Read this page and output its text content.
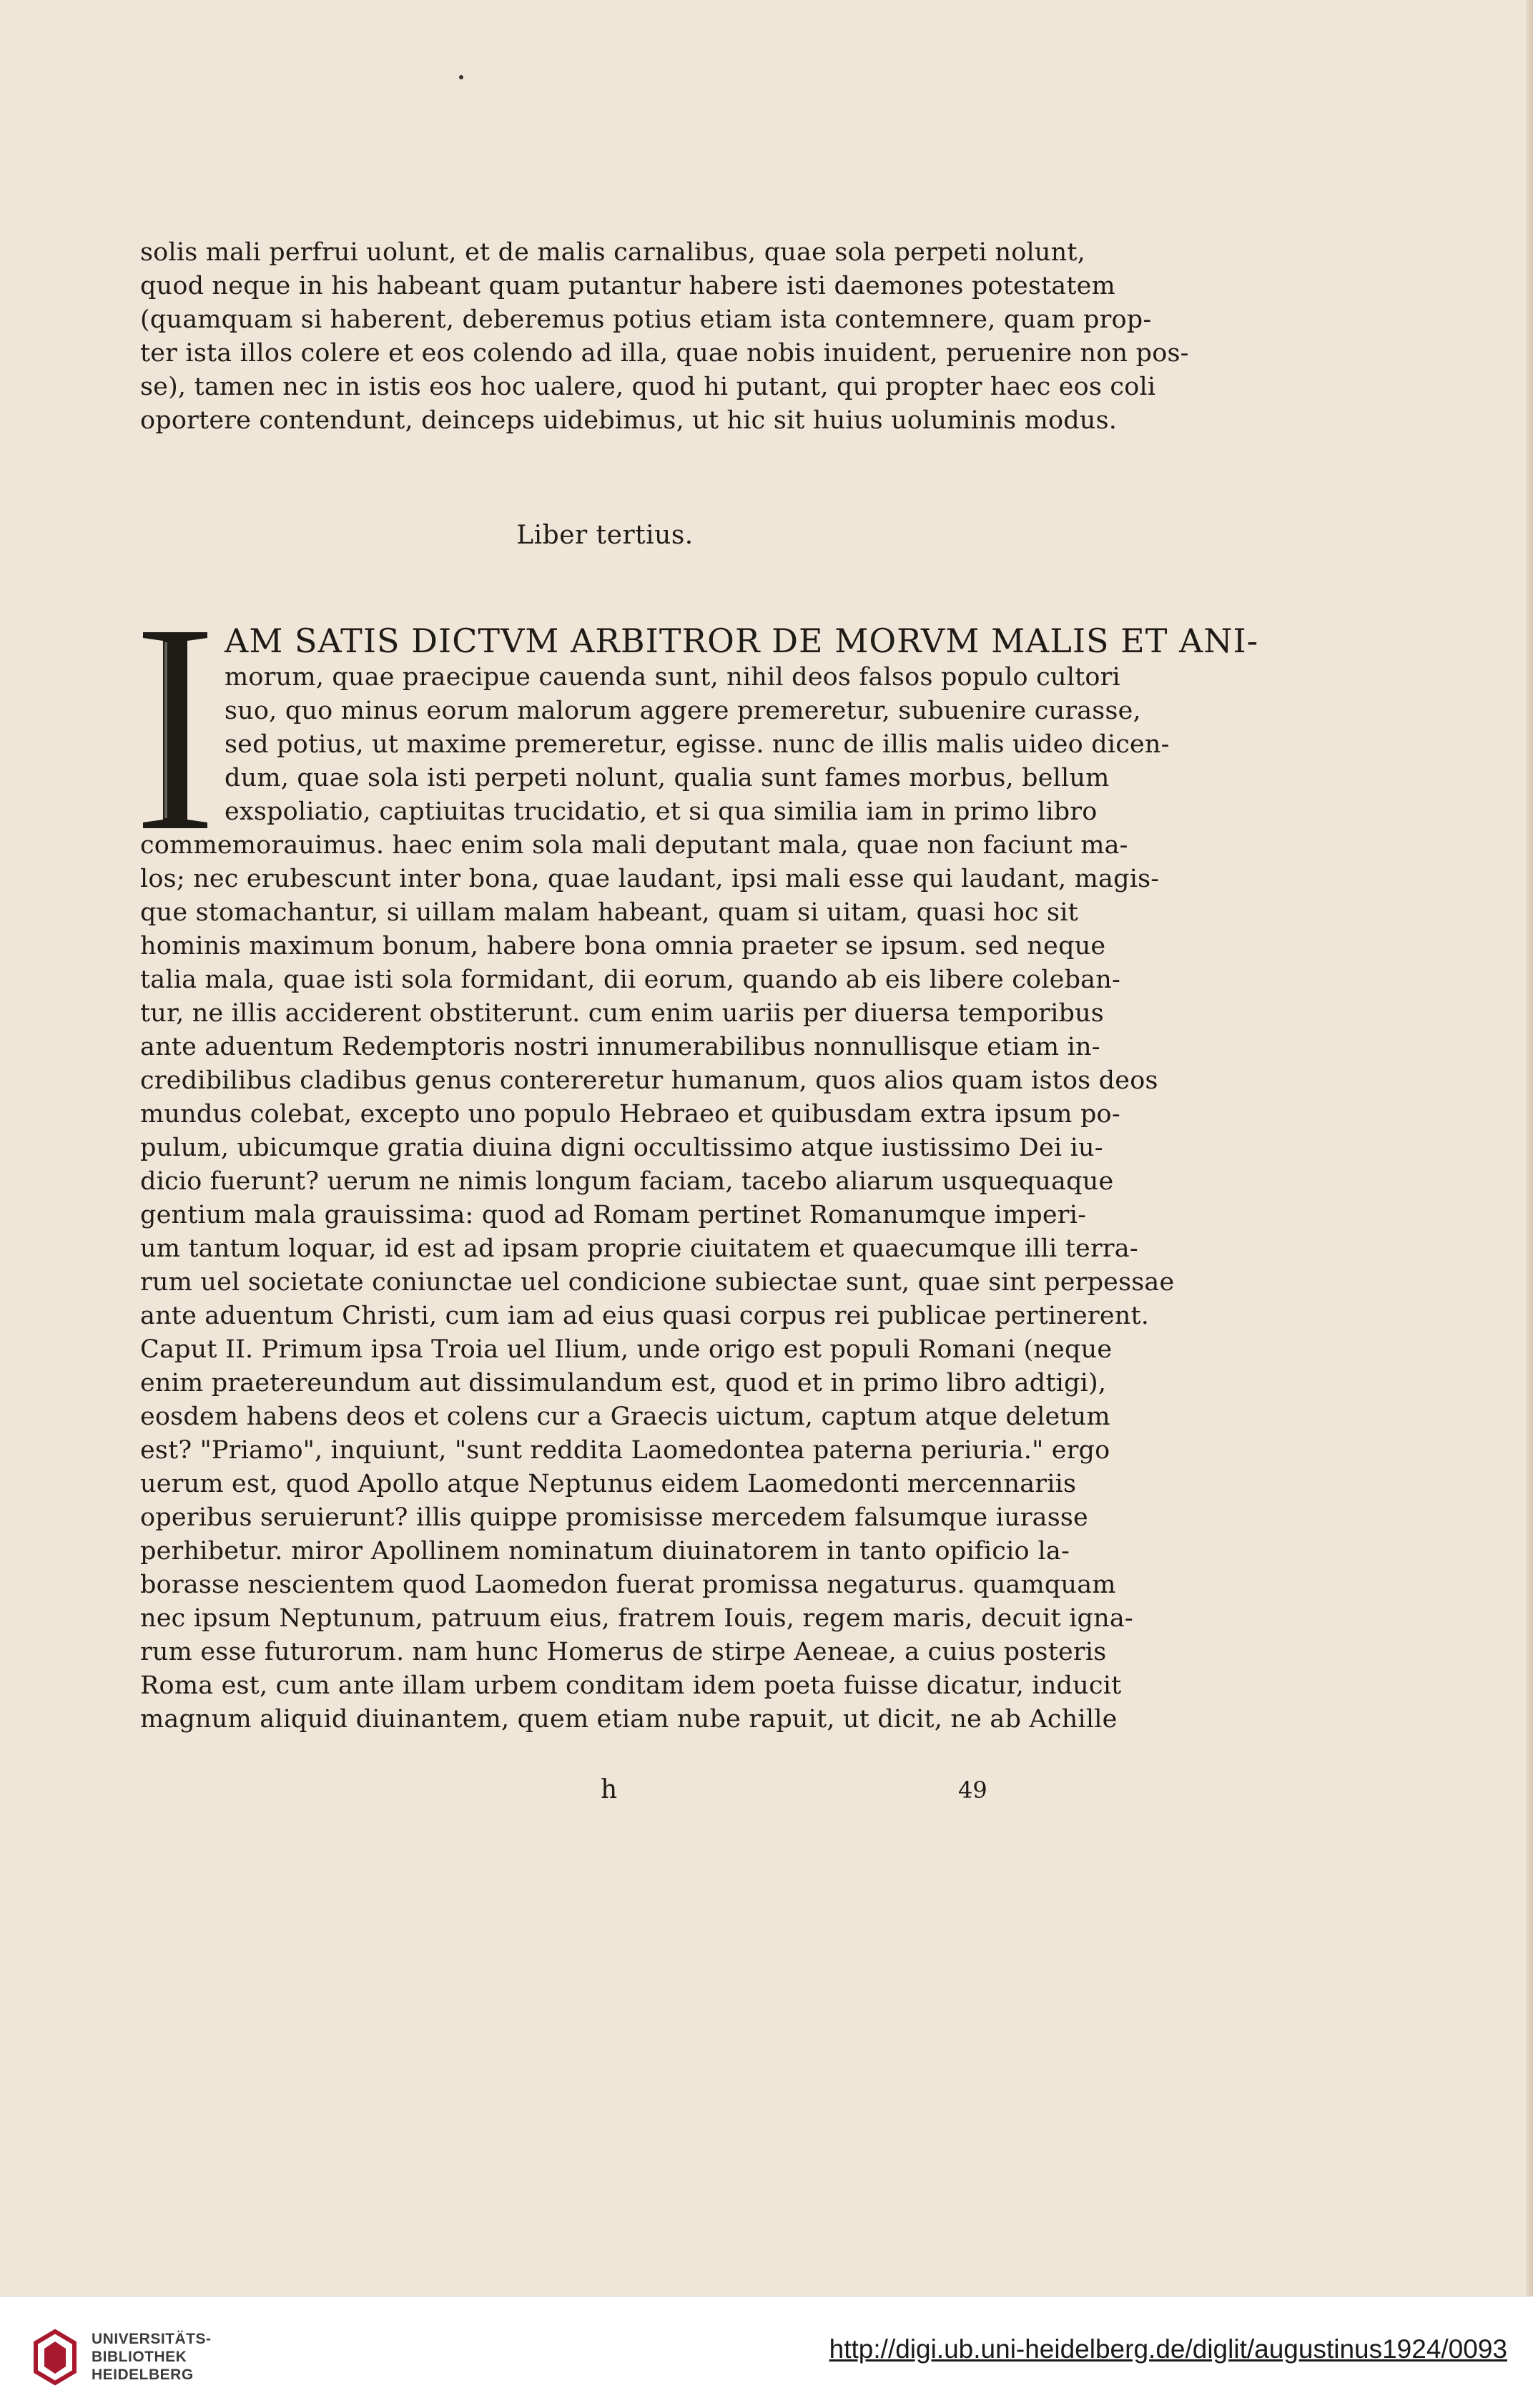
solis mali perfrui uolunt, et de malis carnalibus, quae sola perpeti nolunt,
quod neque in his habeant quam putantur habere isti daemones potestatem
(quamquam si haberent, deberemus potius etiam ista contemnere, quam prop-
ter ista illos colere et eos colendo ad illa, quae nobis inuident, peruenire non pos-
se), tamen nec in istis eos hoc ualere, quod hi putant, qui propter haec eos coli
oportere contendunt, deinceps uidebimus, ut hic sit huius uoluminis modus.
Liber tertius.
AM SATIS DICTVM ARBITROR DE MORVM MALIS ET ANI-
morum, quae praecipue cauenda sunt, nihil deos falsos populo cultori
suo, quo minus eorum malorum aggere premeretur, subuenire curasse,
sed potius, ut maxime premeretur, egisse. nunc de illis malis uideo dicen-
dum, quae sola isti perpeti nolunt, qualia sunt fames morbus, bellum
exspoliatio, captiuitas trucidatio, et si qua similia iam in primo libro
commemorauimus. haec enim sola mali deputant mala, quae non faciunt ma-
los; nec erubescunt inter bona, quae laudant, ipsi mali esse qui laudant, magis-
que stomachantur, si uillam malam habeant, quam si uitam, quasi hoc sit
hominis maximum bonum, habere bona omnia praeter se ipsum. sed neque
talia mala, quae isti sola formidant, dii eorum, quando ab eis libere coleban-
tur, ne illis acciderent obstiterunt. cum enim uariis per diuersa temporibus
ante aduentum Redemptoris nostri innumerabilibus nonnullisque etiam in-
credibilibus cladibus genus contereretur humanum, quos alios quam istos deos
mundus colebat, excepto uno populo Hebraeo et quibusdam extra ipsum po-
pulum, ubicumque gratia diuina digni occultissimo atque iustissimo Dei iu-
dicio fuerunt? uerum ne nimis longum faciam, tacebo aliarum usquequaque
gentium mala grauissima: quod ad Romam pertinet Romanumque imperi-
um tantum loquar, id est ad ipsam proprie ciuitatem et quaecumque illi terra-
rum uel societate coniunctae uel condicione subiectae sunt, quae sint perpessae
ante aduentum Christi, cum iam ad eius quasi corpus rei publicae pertinerent.
Caput II. Primum ipsa Troia uel Ilium, unde origo est populi Romani (neque
enim praetereundum aut dissimulandum est, quod et in primo libro adtigi),
eosdem habens deos et colens cur a Graecis uictum, captum atque deletum
est? "Priamo", inquiunt, "sunt reddita Laomedontea paterna periuria." ergo
uerum est, quod Apollo atque Neptunus eidem Laomedonti mercennariis
operibus seruierunt? illis quippe promisisse mercedem falsumque iurasse
perhibetur. miror Apollinem nominatum diuinatorem in tanto opificio la-
borasse nescientem quod Laomedon fuerat promissa negaturus. quamquam
nec ipsum Neptunum, patruum eius, fratrem Iouis, regem maris, decuit igna-
rum esse futurorum. nam hunc Homerus de stirpe Aeneae, a cuius posteris
Roma est, cum ante illam urbem conditam idem poeta fuisse dicatur, inducit
magnum aliquid diuinantem, quem etiam nube rapuit, ut dicit, ne ab Achille
h	49
UNIVERSITÄTS-
BIBLIOTHEK
HEIDELBERG
http://digi.ub.uni-heidelberg.de/diglit/augustinus1924/0093
